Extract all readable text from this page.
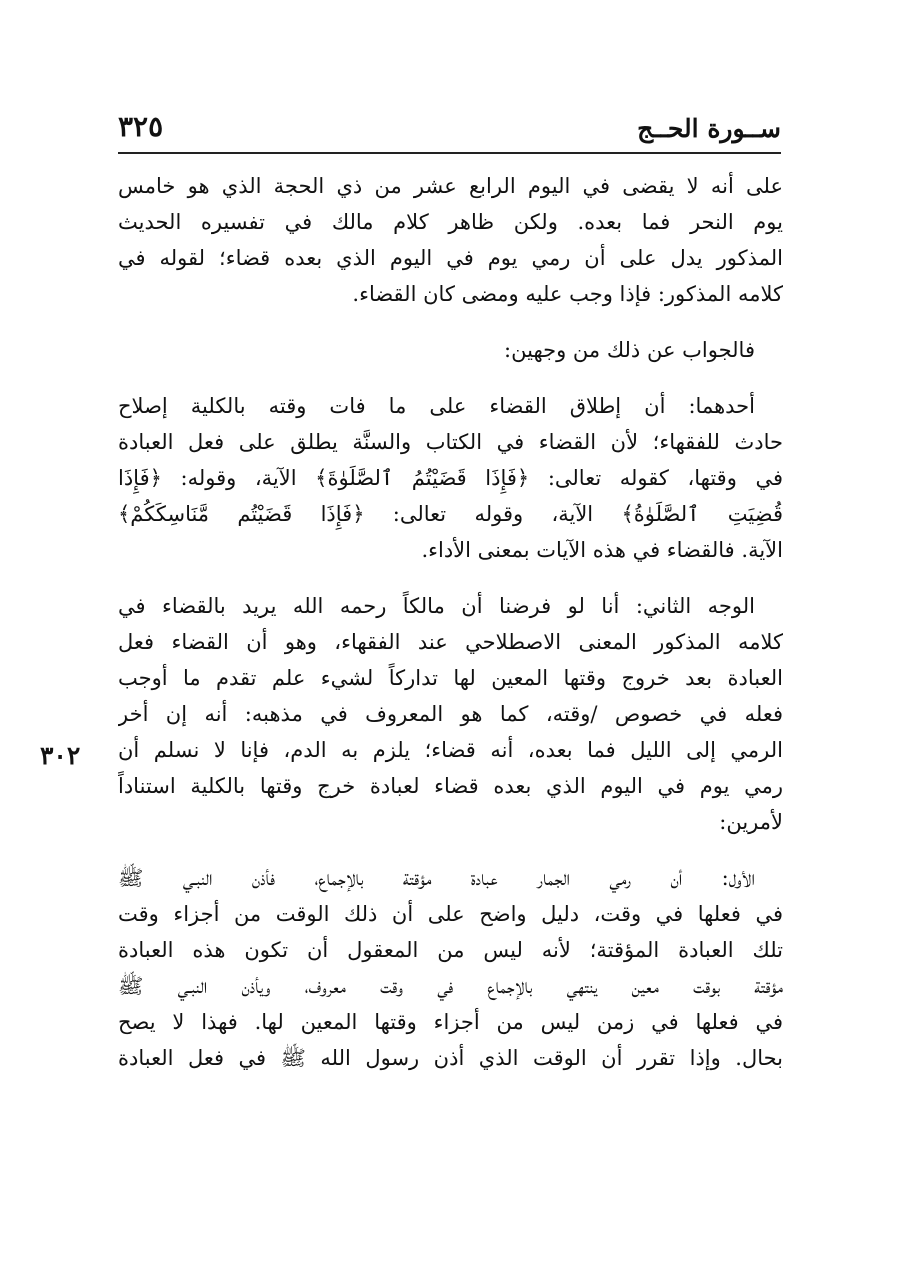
ســورة الحــج
٣٢٥
٣٠٢
على أنه لا يقضى في اليوم الرابع عشر من ذي الحجة الذي هو خامس
يوم النحر فما بعده. ولكن ظاهر كلام مالك في تفسيره الحديث
المذكور يدل على أن رمي يوم في اليوم الذي بعده قضاء؛ لقوله في
كلامه المذكور: فإذا وجب عليه ومضى كان القضاء.
فالجواب عن ذلك من وجهين:
أحدهما: أن إطلاق القضاء على ما فات وقته بالكلية إصلاح
حادث للفقهاء؛ لأن القضاء في الكتاب والسنَّة يطلق على فعل العبادة
في وقتها، كقوله تعالى: ﴿فَإِذَا قَضَيْتُمُ ٱلصَّلَوٰةَ﴾ الآية، وقوله: ﴿فَإِذَا
قُضِيَتِ ٱلصَّلَوٰةُ﴾ الآية، وقوله تعالى: ﴿فَإِذَا قَضَيْتُم مَّنَاسِكَكُمْ﴾
الآية. فالقضاء في هذه الآيات بمعنى الأداء.
الوجه الثاني: أنا لو فرضنا أن مالكاً رحمه الله يريد بالقضاء في
كلامه المذكور المعنى الاصطلاحي عند الفقهاء، وهو أن القضاء فعل
العبادة بعد خروج وقتها المعين لها تداركاً لشيء علم تقدم ما أوجب
فعله في خصوص /وقته، كما هو المعروف في مذهبه: أنه إن أخر
الرمي إلى الليل فما بعده، أنه قضاء؛ يلزم به الدم، فإنا لا نسلم أن
رمي يوم في اليوم الذي بعده قضاء لعبادة خرج وقتها بالكلية استناداً
لأمرين:
الأول: أن رمي الجمار عبادة مؤقتة بالإجماع، فأذن النبـي ﷺ
في فعلها في وقت، دليل واضح على أن ذلك الوقت من أجزاء وقت
تلك العبادة المؤقتة؛ لأنه ليس من المعقول أن تكون هذه العبادة
مؤقتة بوقت معين ينتهي بالإجماع في وقت معروف، ويأذن النبـي ﷺ
في فعلها في زمن ليس من أجزاء وقتها المعين لها. فهذا لا يصح
بحال. وإذا تقرر أن الوقت الذي أذن رسول الله ﷺ في فعل العبادة
